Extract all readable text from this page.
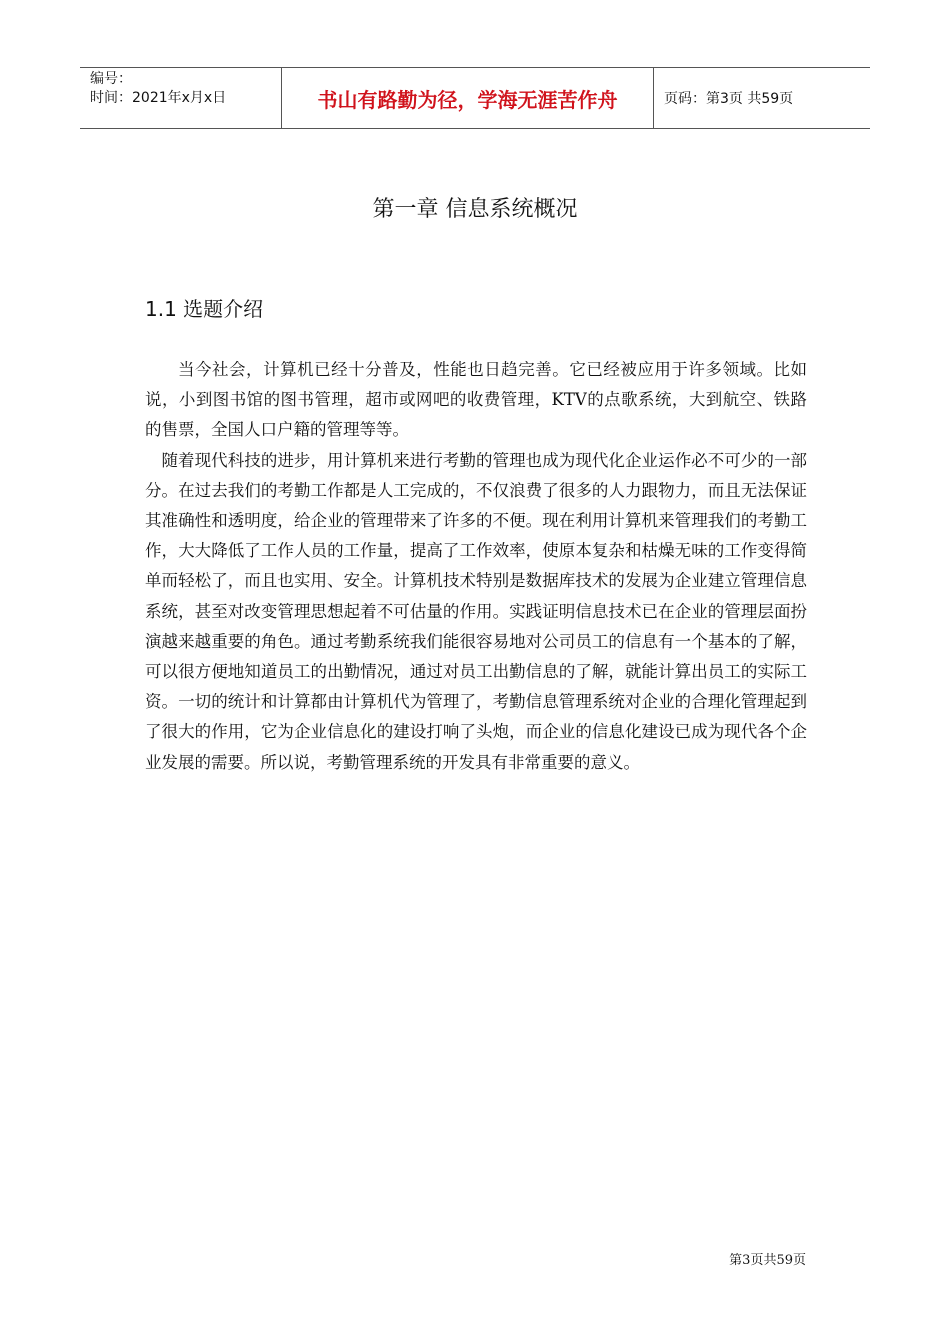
编号：
时间：2021年x月x日	书山有路勤为径，学海无涯苦作舟	页码：第3页 共59页
第一章 信息系统概况
1.1 选题介绍

当今社会，计算机已经十分普及，性能也日趋完善。它已经被应用于许多领域。比如说，小到图书馆的图书管理，超市或网吧的收费管理，KTV的点歌系统，大到航空、铁路的售票，全国人口户籍的管理等等。

随着现代科技的进步，用计算机来进行考勤的管理也成为现代化企业运作必不可少的一部分。在过去我们的考勤工作都是人工完成的，不仅浪费了很多的人力跟物力，而且无法保证其准确性和透明度，给企业的管理带来了许多的不便。现在利用计算机来管理我们的考勤工作，大大降低了工作人员的工作量，提高了工作效率，使原本复杂和枯燥无味的工作变得简单而轻松了，而且也实用、安全。计算机技术特别是数据库技术的发展为企业建立管理信息系统，甚至对改变管理思想起着不可估量的作用。实践证明信息技术已在企业的管理层面扮演越来越重要的角色。通过考勤系统我们能很容易地对公司员工的信息有一个基本的了解，可以很方便地知道员工的出勤情况，通过对员工出勤信息的了解，就能计算出员工的实际工资。一切的统计和计算都由计算机代为管理了，考勤信息管理系统对企业的合理化管理起到了很大的作用，它为企业信息化的建设打响了头炮，而企业的信息化建设已成为现代各个企业发展的需要。所以说，考勤管理系统的开发具有非常重要的意义。

第3页共59页
